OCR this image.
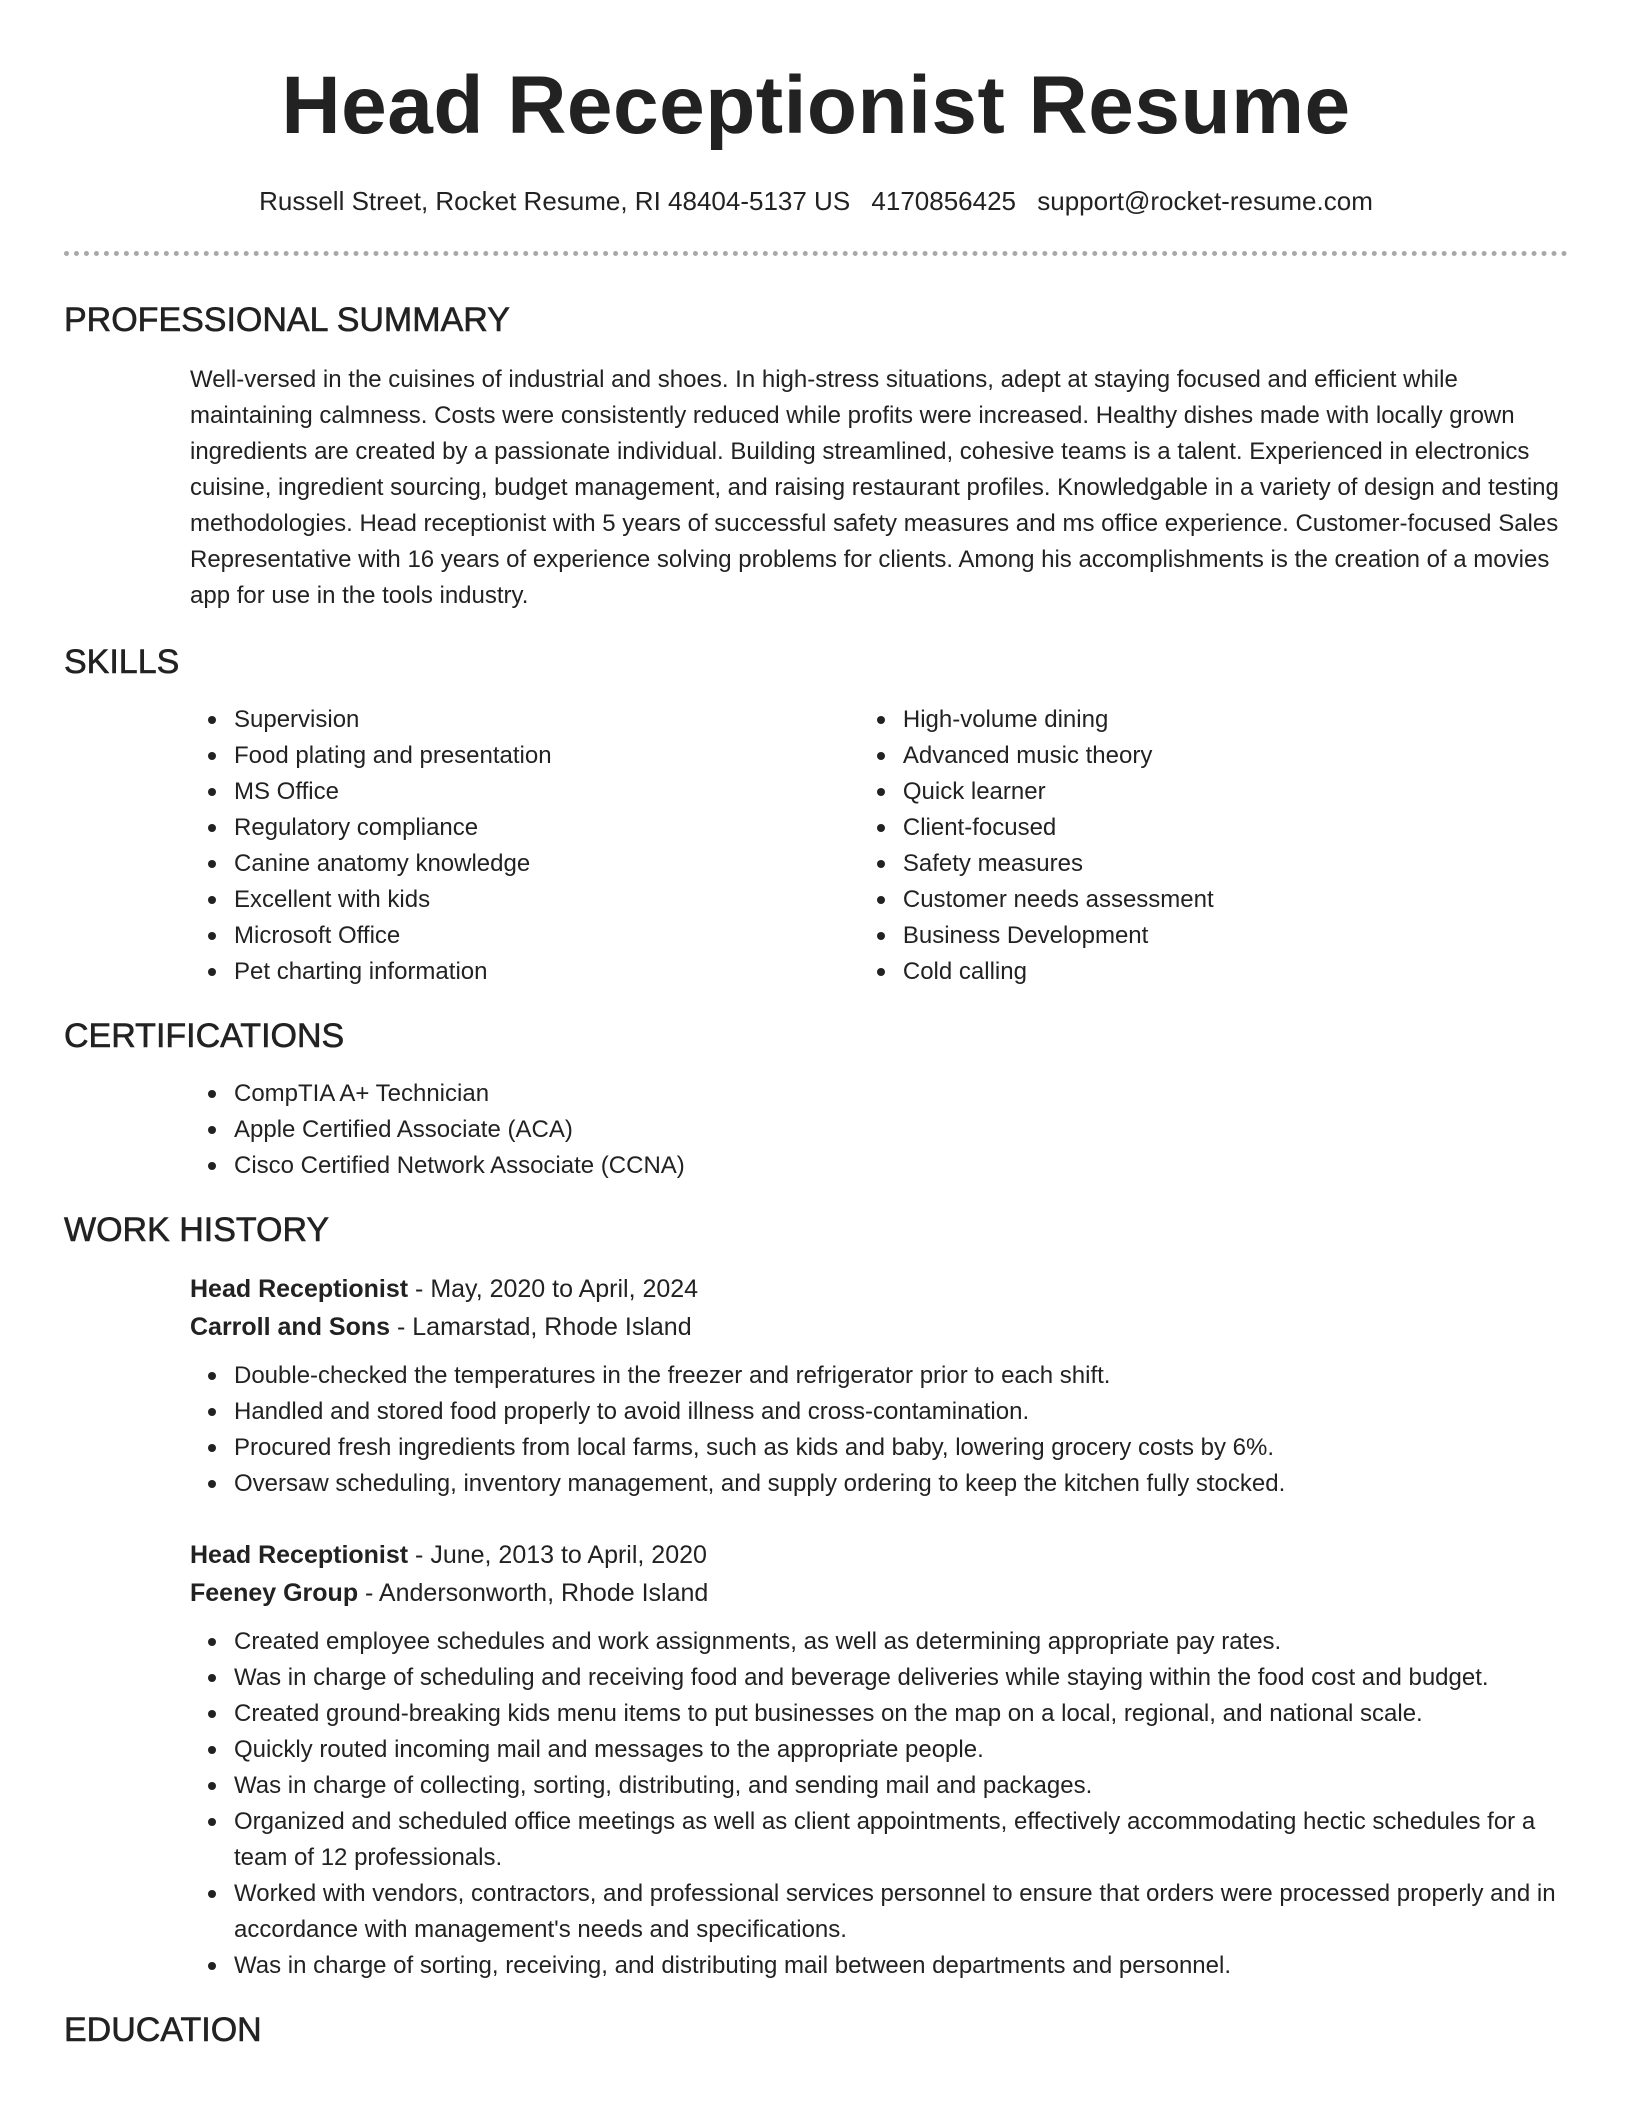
Head Receptionist Resume
Russell Street, Rocket Resume, RI 48404-5137 US 4170856425 support@rocket-resume.com
PROFESSIONAL SUMMARY
Well-versed in the cuisines of industrial and shoes. In high-stress situations, adept at staying focused and efficient while maintaining calmness. Costs were consistently reduced while profits were increased. Healthy dishes made with locally grown ingredients are created by a passionate individual. Building streamlined, cohesive teams is a talent. Experienced in electronics cuisine, ingredient sourcing, budget management, and raising restaurant profiles. Knowledgable in a variety of design and testing methodologies. Head receptionist with 5 years of successful safety measures and ms office experience. Customer-focused Sales Representative with 16 years of experience solving problems for clients. Among his accomplishments is the creation of a movies app for use in the tools industry.
SKILLS
Supervision
Food plating and presentation
MS Office
Regulatory compliance
Canine anatomy knowledge
Excellent with kids
Microsoft Office
Pet charting information
High-volume dining
Advanced music theory
Quick learner
Client-focused
Safety measures
Customer needs assessment
Business Development
Cold calling
CERTIFICATIONS
CompTIA A+ Technician
Apple Certified Associate (ACA)
Cisco Certified Network Associate (CCNA)
WORK HISTORY
Head Receptionist - May, 2020 to April, 2024
Carroll and Sons - Lamarstad, Rhode Island
Double-checked the temperatures in the freezer and refrigerator prior to each shift.
Handled and stored food properly to avoid illness and cross-contamination.
Procured fresh ingredients from local farms, such as kids and baby, lowering grocery costs by 6%.
Oversaw scheduling, inventory management, and supply ordering to keep the kitchen fully stocked.
Head Receptionist - June, 2013 to April, 2020
Feeney Group - Andersonworth, Rhode Island
Created employee schedules and work assignments, as well as determining appropriate pay rates.
Was in charge of scheduling and receiving food and beverage deliveries while staying within the food cost and budget.
Created ground-breaking kids menu items to put businesses on the map on a local, regional, and national scale.
Quickly routed incoming mail and messages to the appropriate people.
Was in charge of collecting, sorting, distributing, and sending mail and packages.
Organized and scheduled office meetings as well as client appointments, effectively accommodating hectic schedules for a team of 12 professionals.
Worked with vendors, contractors, and professional services personnel to ensure that orders were processed properly and in accordance with management's needs and specifications.
Was in charge of sorting, receiving, and distributing mail between departments and personnel.
EDUCATION
